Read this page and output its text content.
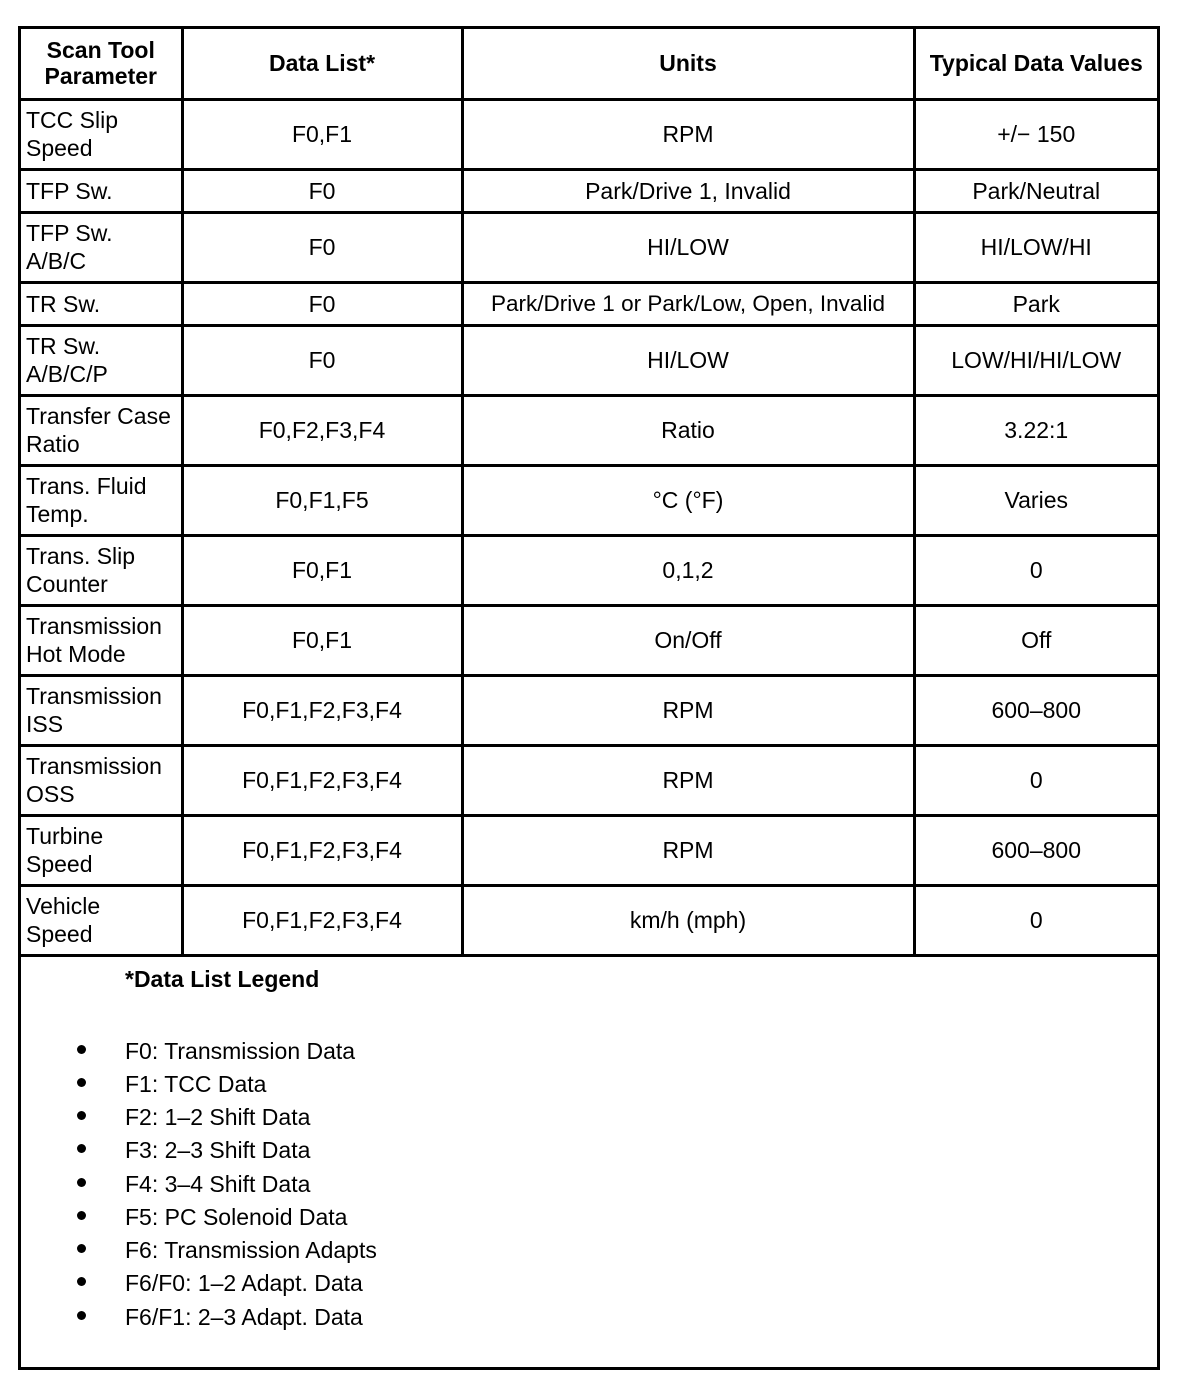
Scan Tool Parameter	Data List*	Units	Typical Data Values
TCC Slip Speed	F0,F1	RPM	+/− 150
TFP Sw.	F0	Park/Drive 1, Invalid	Park/Neutral
TFP Sw. A/B/C	F0	HI/LOW	HI/LOW/HI
TR Sw.	F0	Park/Drive 1 or Park/Low, Open, Invalid	Park
TR Sw. A/B/C/P	F0	HI/LOW	LOW/HI/HI/LOW
Transfer Case Ratio	F0,F2,F3,F4	Ratio	3.22:1
Trans. Fluid Temp.	F0,F1,F5	°C (°F)	Varies
Trans. Slip Counter	F0,F1	0,1,2	0
Transmission Hot Mode	F0,F1	On/Off	Off
Transmission ISS	F0,F1,F2,F3,F4	RPM	600–800
Transmission OSS	F0,F1,F2,F3,F4	RPM	0
Turbine Speed	F0,F1,F2,F3,F4	RPM	600–800
Vehicle Speed	F0,F1,F2,F3,F4	km/h (mph)	0
*Data List Legend
F0: Transmission Data
F1: TCC Data
F2: 1–2 Shift Data
F3: 2–3 Shift Data
F4: 3–4 Shift Data
F5: PC Solenoid Data
F6: Transmission Adapts
F6/F0: 1–2 Adapt. Data
F6/F1: 2–3 Adapt. Data
